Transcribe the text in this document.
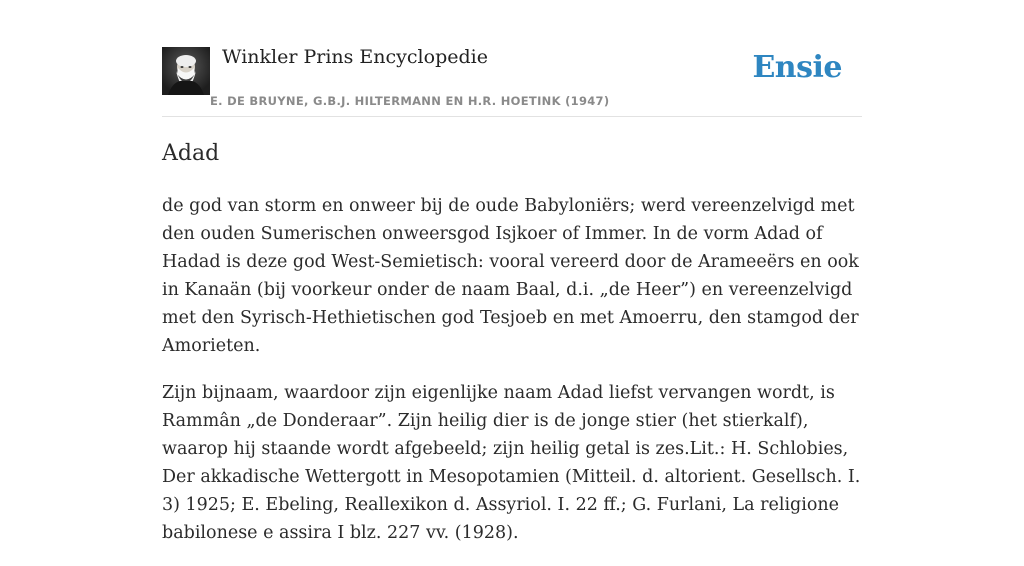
Winkler Prins Encyclopedie
E. DE BRUYNE, G.B.J. HILTERMANN EN H.R. HOETINK (1947)
Ensie
Adad

de god van storm en onweer bij de oude Babyloniërs; werd vereenzelvigd met den ouden Sumerischen onweersgod Isjkoer of Immer. In de vorm Adad of Hadad is deze god West-Semietisch: vooral vereerd door de Arameeërs en ook in Kanaän (bij voorkeur onder de naam Baal, d.i. „de Heer”) en vereenzelvigd met den Syrisch-Hethietischen god Tesjoeb en met Amoerru, den stamgod der Amorieten.

Zijn bijnaam, waardoor zijn eigenlijke naam Adad liefst vervangen wordt, is Rammân „de Donderaar”. Zijn heilig dier is de jonge stier (het stierkalf), waarop hij staande wordt afgebeeld; zijn heilig getal is zes.Lit.: H. Schlobies, Der akkadische Wettergott in Mesopotamien (Mitteil. d. altorient. Gesellsch. I. 3) 1925; E. Ebeling, Reallexikon d. Assyriol. I. 22 ff.; G. Furlani, La religione babilonese e assira I blz. 227 vv. (1928).
